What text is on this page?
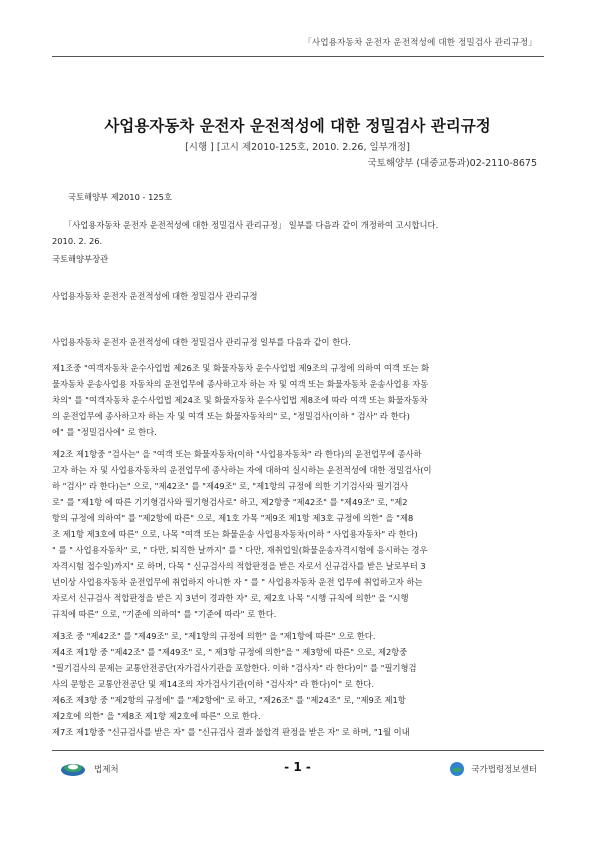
「사업용자동차 운전자 운전적성에 대한 정밀검사 관리규정」
사업용자동차 운전자 운전적성에 대한 정밀검사 관리규정
[시행 ] [고시 제2010-125호, 2010. 2.26, 일부개정]
국토해양부 (대중교통과)02-2110-8675
국토해양부 제2010 - 125호
「사업용자동차 운전자 운전적성에 대한 정밀검사 관리규정」 일부를 다음과 같이 개정하여 고시합니다.
2010. 2. 26.
국토해양부장관
사업용자동차 운전자 운전적성에 대한 정밀검사 관리규정
사업용자동차 운전자 운전적성에 대한 정밀검사 관리규정 일부를 다음과 같이 한다.
제1조중 "여객자동차 운수사업법 제26조 및 화물자동차 운수사업법 제9조의 규정에 의하여 여객 또는 화
물자동차 운송사업용 자동차의 운전업무에 종사하고자 하는 자 및 여객 또는 화물자동차 운송사업용 자동
차의" 를 "여객자동차 운수사업법 제24조 및 화물자동차 운수사업법 제8조에 따라 여객 또는 화물자동차
의 운전업무에 종사하고자 하는 자 및 여객 또는 화물자동차의" 로, "정밀검사(이하 " 검사" 라 한다)
에" 를 "정밀검사에" 로 한다.
제2조 제1항중 "검사는" 을 "여객 또는 화물자동차(이하 "사업용자동차" 라 한다)의 운전업무에 종사하
고자 하는 자 및 사업용자동차의 운전업무에 종사하는 자에 대하여 실시하는 운전적성에 대한 정밀검사(이
하 "검사" 라 한다)는" 으로, "제42조" 를 "제49조" 로, "제1항의 규정에 의한 기기검사와 필기검사
로" 를 "제1항 에 따른 기기형검사와 필기형검사로" 하고, 제2항중 "제42조" 를 "제49조" 로, "제2
항의 규정에 의하여" 를 "제2항에 따른" 으로, 제1호 가목 "제9조 제1항 제3호 규정에 의한" 을 "제8
조 제1항 제3호에 따른" 으로, 나목 "여객 또는 화물운송 사업용자동차(이하 " 사업용자동차" 라 한다)
" 를 " 사업용자동차" 로, " 다만, 퇴직한 날까지" 를 " 다만, 재취업일(화물운송자격시험에 응시하는 경우
자격시험 접수일)까지" 로 하며, 다목 " 신규검사의 적합판정을 받은 자로서 신규검사를 받은 날로부터 3
년이상 사업용자동차 운전업무에 취업하지 아니한 자 " 를 " 사업용자동차 운전 업무에 취업하고자 하는
자로서 신규검사 적합판정을 받은 지 3년이 경과한 자" 로, 제2호 나목 "시행 규칙에 의한" 을 "시행
규칙에 따른" 으로, "기준에 의하여" 를 "기준에 따라" 로 한다.
제3조 중 "제42조" 를 "제49조" 로, "제1항의 규정에 의한" 을 "제1항에 따른" 으로 한다.
제4조 제1항 중 "제42조" 를 "제49조" 로, " 제3항 규정에 의한"을 " 제3항에 따른" 으로, 제2항중
"필기검사의 문제는 교통안전공단(자가검사기관을 포함한다. 이하 "검사자" 라 한다)이" 를 "필기형검
사의 문항은 교통안전공단 및 제14조의 자가검사기관(이하 "검사자" 라 한다)이" 로 한다.
제6조 제3항 중 "제2항의 규정에" 를 "제2항에" 로 하고, "제26조" 를 "제24조" 로, "제9조 제1항
제2호에 의한" 을 "제8조 제1항 제2호에 따른" 으로 한다.
제7조 제1항중 "신규검사를 받은 자" 를 "신규검사 결과 불합격 판정을 받은 자" 로 하며, "1월 이내
법제처	- 1 -	국가법령정보센터
